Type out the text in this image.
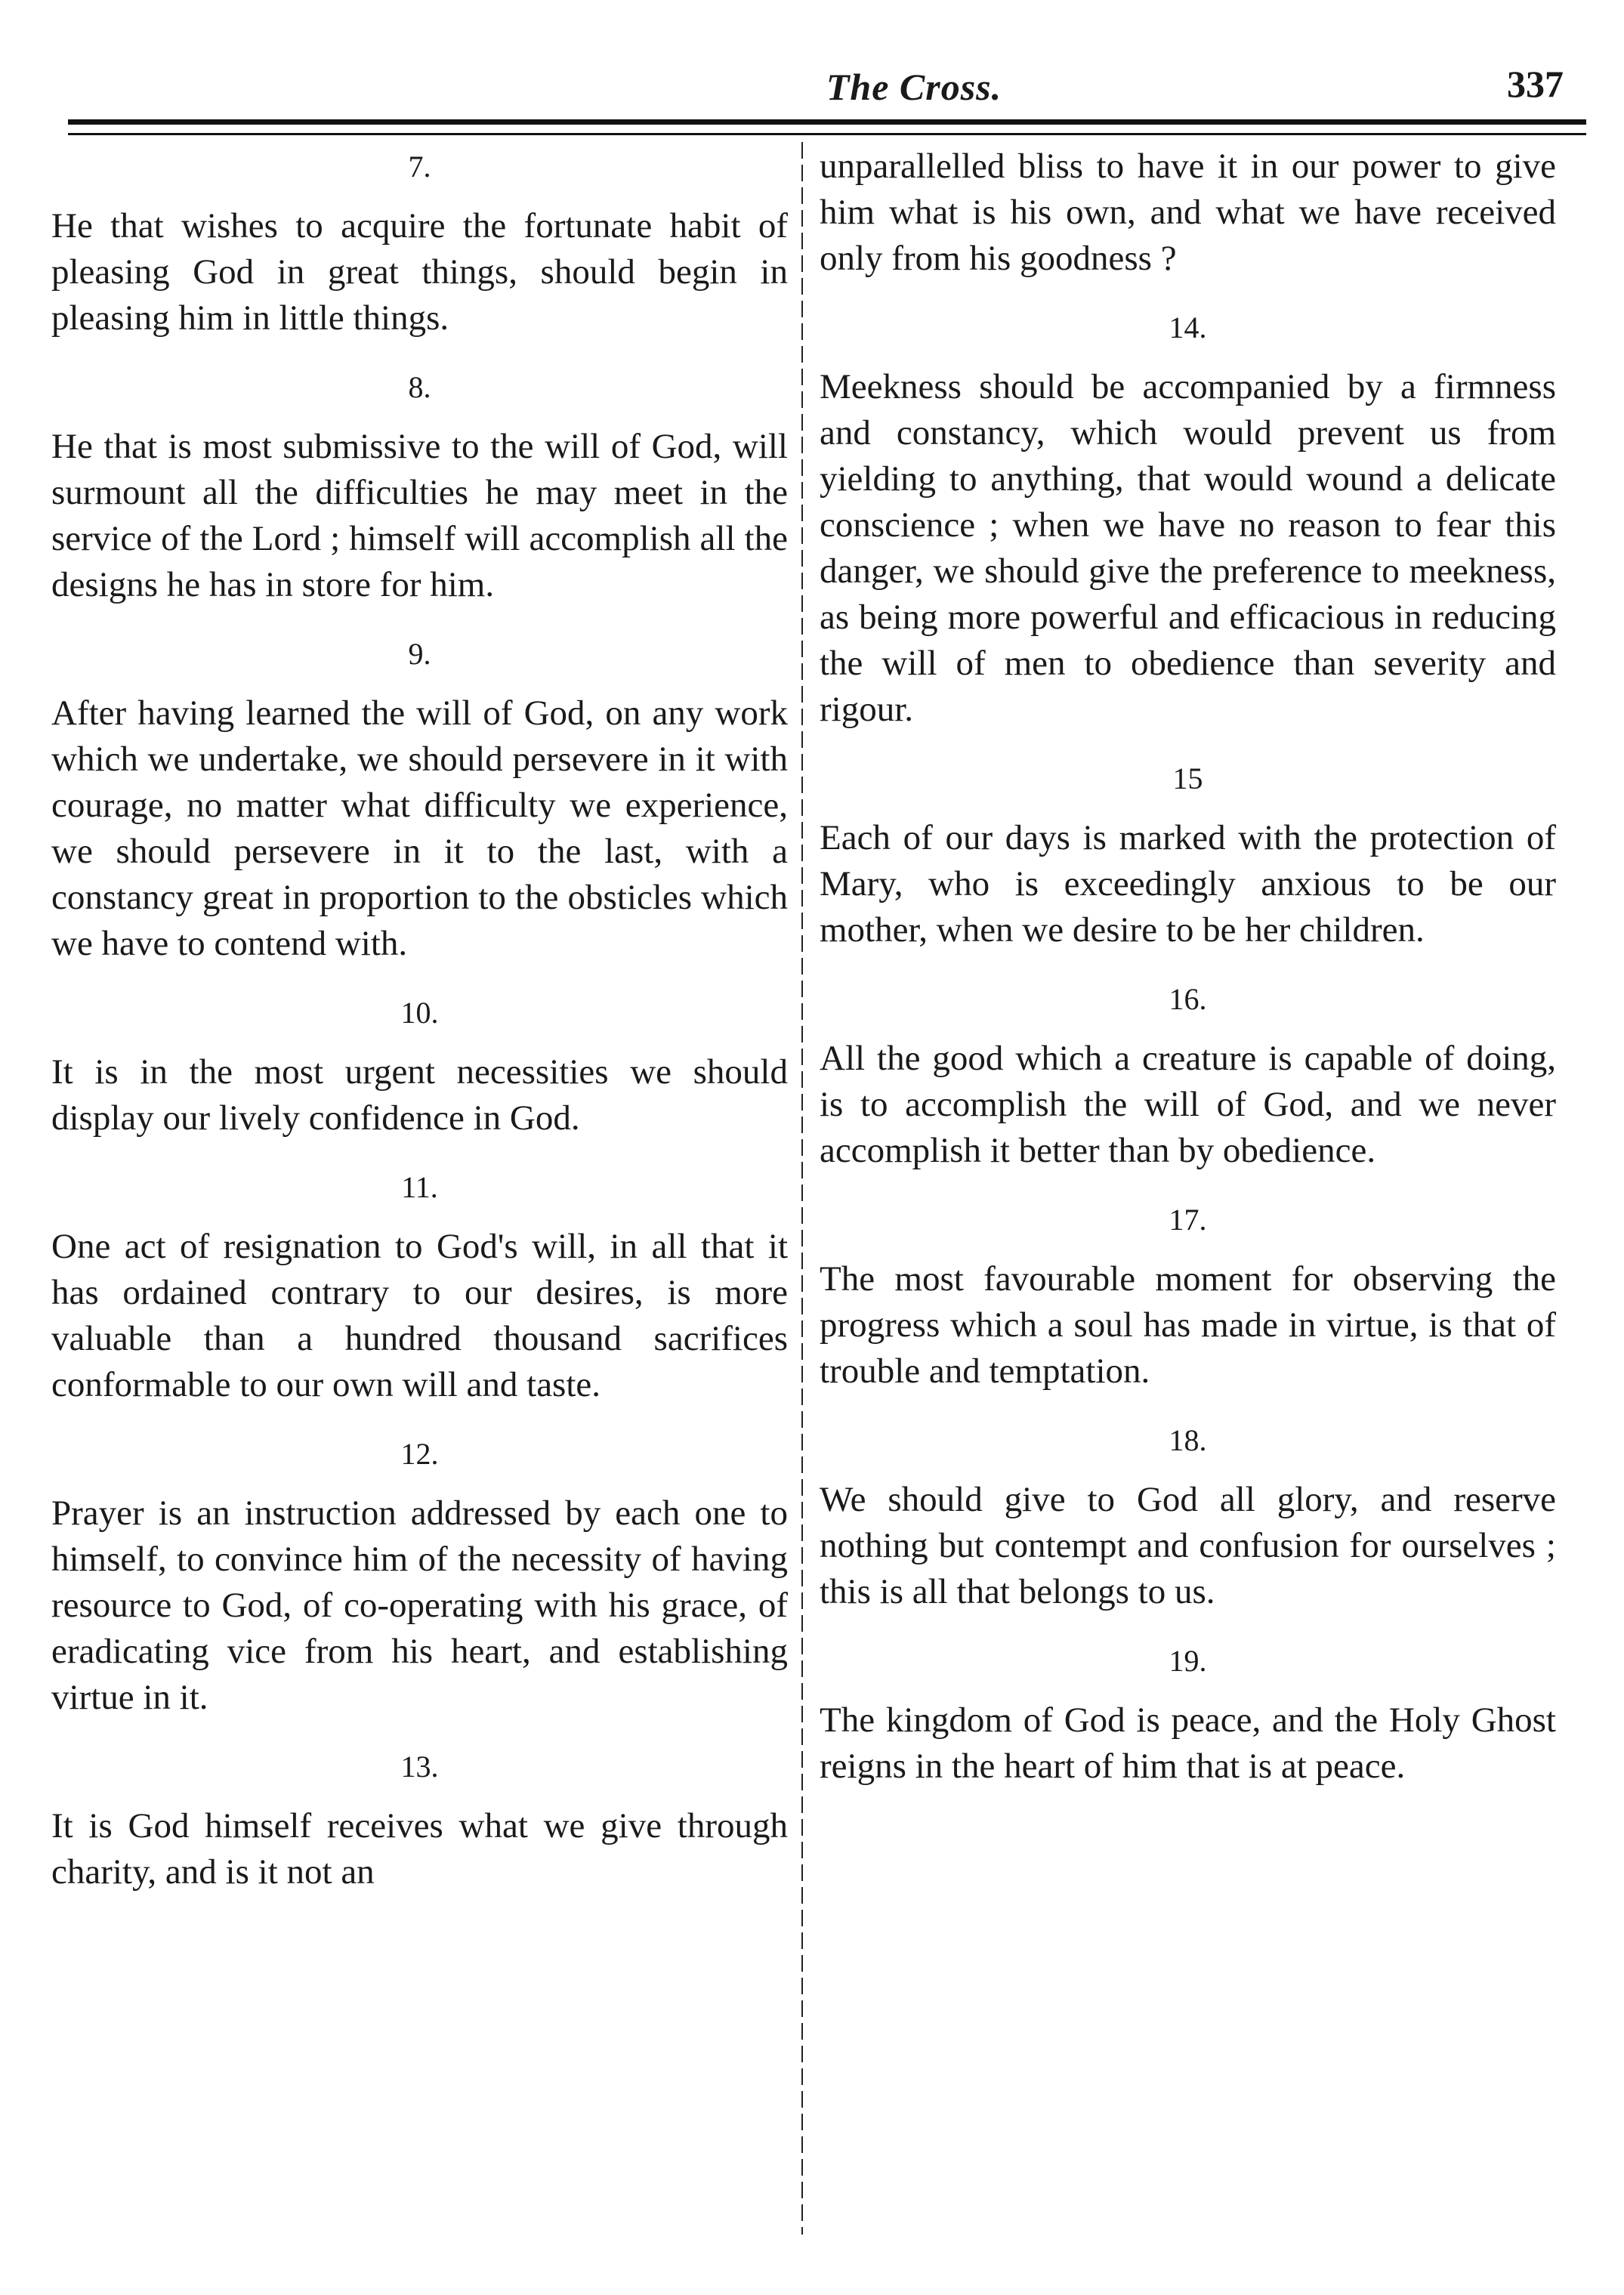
The Cross.	337
7.

He that wishes to acquire the fortunate habit of pleasing God in great things, should begin in pleasing him in little things.

8.

He that is most submissive to the will of God, will surmount all the difficulties he may meet in the service of the Lord ; himself will accomplish all the designs he has in store for him.

9.

After having learned the will of God, on any work which we undertake, we should persevere in it with courage, no matter what difficulty we experience, we should persevere in it to the last, with a constancy great in proportion to the obsticles which we have to contend with.

10.

It is in the most urgent necessities we should display our lively confidence in God.

11.

One act of resignation to God's will, in all that it has ordained contrary to our desires, is more valuable than a hundred thousand sacrifices conformable to our own will and taste.

12.

Prayer is an instruction addressed by each one to himself, to convince him of the necessity of having resource to God, of co-operating with his grace, of eradicating vice from his heart, and establishing virtue in it.

13.

It is God himself receives what we give through charity, and is it not an

unparallelled bliss to have it in our power to give him what is his own, and what we have received only from his goodness ?

14.

Meekness should be accompanied by a firmness and constancy, which would prevent us from yielding to anything, that would wound a delicate conscience ; when we have no reason to fear this danger, we should give the preference to meekness, as being more powerful and efficacious in reducing the will of men to obedience than severity and rigour.

15

Each of our days is marked with the protection of Mary, who is exceedingly anxious to be our mother, when we desire to be her children.

16.

All the good which a creature is capable of doing, is to accomplish the will of God, and we never accomplish it better than by obedience.

17.

The most favourable moment for observing the progress which a soul has made in virtue, is that of trouble and temptation.

18.

We should give to God all glory, and reserve nothing but contempt and confusion for ourselves ; this is all that belongs to us.

19.

The kingdom of God is peace, and the Holy Ghost reigns in the heart of him that is at peace.
